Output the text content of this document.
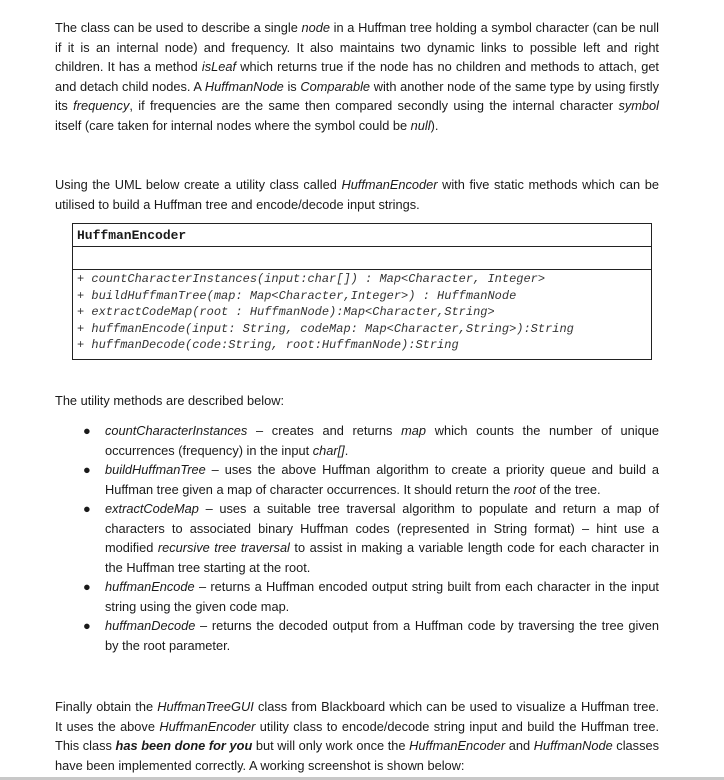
The class can be used to describe a single node in a Huffman tree holding a symbol character (can be null if it is an internal node) and frequency. It also maintains two dynamic links to possible left and right children. It has a method isLeaf which returns true if the node has no children and methods to attach, get and detach child nodes. A HuffmanNode is Comparable with another node of the same type by using firstly its frequency, if frequencies are the same then compared secondly using the internal character symbol itself (care taken for internal nodes where the symbol could be null).

Using the UML below create a utility class called HuffmanEncoder with five static methods which can be utilised to build a Huffman tree and encode/decode input strings.

HuffmanEncoder
+ countCharacterInstances(input:char[]) : Map<Character, Integer>
+ buildHuffmanTree(map: Map<Character,Integer>) : HuffmanNode
+ extractCodeMap(root : HuffmanNode):Map<Character,String>
+ huffmanEncode(input: String, codeMap: Map<Character,String>):String
+ huffmanDecode(code:String, root:HuffmanNode):String

The utility methods are described below:

● countCharacterInstances – creates and returns map which counts the number of unique occurrences (frequency) in the input char[].
● buildHuffmanTree – uses the above Huffman algorithm to create a priority queue and build a Huffman tree given a map of character occurrences. It should return the root of the tree.
● extractCodeMap – uses a suitable tree traversal algorithm to populate and return a map of characters to associated binary Huffman codes (represented in String format) – hint use a modified recursive tree traversal to assist in making a variable length code for each character in the Huffman tree starting at the root.
● huffmanEncode – returns a Huffman encoded output string built from each character in the input string using the given code map.
● huffmanDecode – returns the decoded output from a Huffman code by traversing the tree given by the root parameter.

Finally obtain the HuffmanTreeGUI class from Blackboard which can be used to visualize a Huffman tree. It uses the above HuffmanEncoder utility class to encode/decode string input and build the Huffman tree. This class has been done for you but will only work once the HuffmanEncoder and HuffmanNode classes have been implemented correctly. A working screenshot is shown below:
